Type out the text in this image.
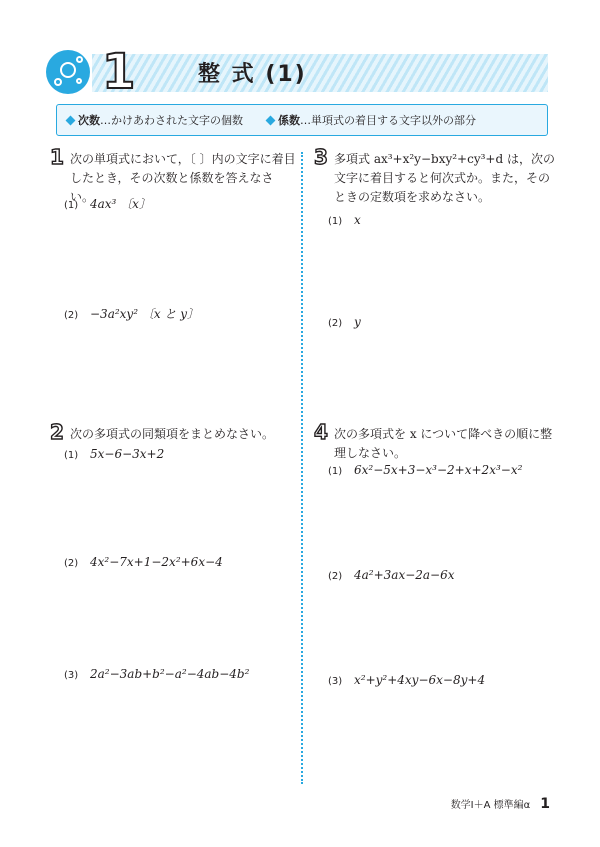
1	整 式 (1)
次数 …かけあわされた文字の個数	係数 …単項式の着目する文字以外の部分
1 次の単項式において，〔 〕内の文字に着目したとき，その次数と係数を答えなさい。
(1) 4ax³ 〔x〕
(2) −3a²xy² 〔x と y〕
2 次の多項式の同類項をまとめなさい。
(1) 5x−6−3x+2
(2) 4x²−7x+1−2x²+6x−4
(3) 2a²−3ab+b²−a²−4ab−4b²
3 多項式 ax³+x²y−bxy²+cy³+d は，次の文字に着目すると何次式か。また，そのときの定数項を求めなさい。
(1) x
(2) y
4 次の多項式を x について降べきの順に整理しなさい。
(1) 6x²−5x+3−x³−2+x+2x³−x²
(2) 4a²+3ax−2a−6x
(3) x²+y²+4xy−6x−8y+4
数学Ⅰ＋A 標準編α 1
